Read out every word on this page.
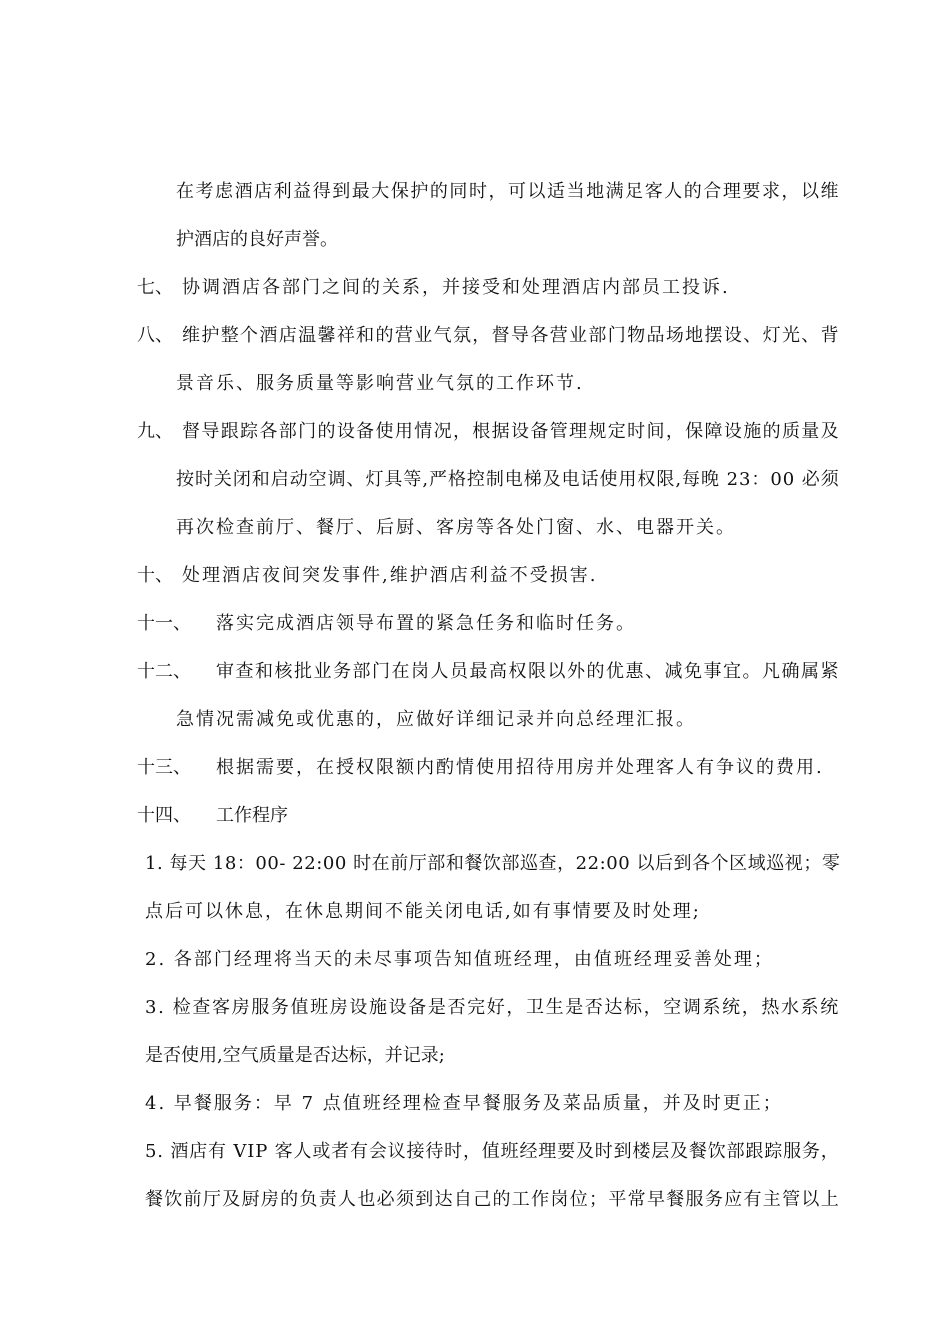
在考虑酒店利益得到最大保护的同时，可以适当地满足客人的合理要求，以维
护酒店的良好声誉。
七、 协调酒店各部门之间的关系，并接受和处理酒店内部员工投诉.
八、 维护整个酒店温馨祥和的营业气氛，督导各营业部门物品场地摆设、灯光、背
景音乐、服务质量等影响营业气氛的工作环节.
九、 督导跟踪各部门的设备使用情况，根据设备管理规定时间，保障设施的质量及
按时关闭和启动空调、灯具等,严格控制电梯及电话使用权限,每晚 23：00 必须
再次检查前厅、餐厅、后厨、客房等各处门窗、水、电器开关。
十、 处理酒店夜间突发事件,维护酒店利益不受损害.
十一、 落实完成酒店领导布置的紧急任务和临时任务。
十二、 审查和核批业务部门在岗人员最高权限以外的优惠、减免事宜。凡确属紧
急情况需减免或优惠的，应做好详细记录并向总经理汇报。
十三、 根据需要，在授权限额内酌情使用招待用房并处理客人有争议的费用.
十四、 工作程序
1. 每天 18：00- 22:00 时在前厅部和餐饮部巡查，22:00 以后到各个区域巡视；零
点后可以休息，在休息期间不能关闭电话,如有事情要及时处理;
2. 各部门经理将当天的未尽事项告知值班经理，由值班经理妥善处理；
3. 检查客房服务值班房设施设备是否完好，卫生是否达标，空调系统，热水系统
是否使用,空气质量是否达标，并记录;
4. 早餐服务：早 7 点值班经理检查早餐服务及菜品质量，并及时更正；
5. 酒店有 VIP 客人或者有会议接待时，值班经理要及时到楼层及餐饮部跟踪服务，
餐饮前厅及厨房的负责人也必须到达自己的工作岗位；平常早餐服务应有主管以上
